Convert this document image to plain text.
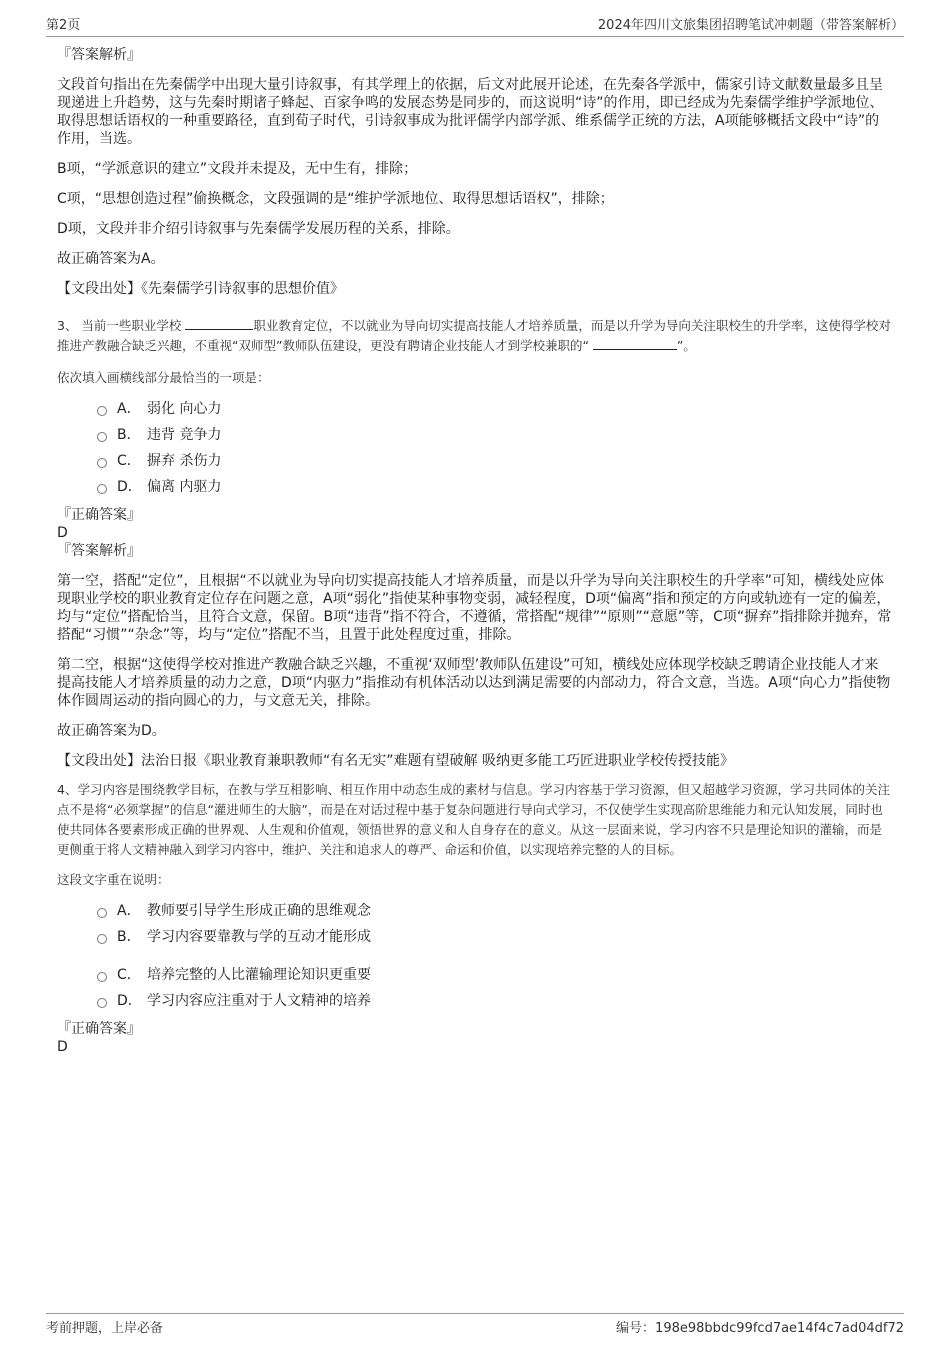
第2页	2024年四川文旅集团招聘笔试冲刺题（带答案解析）
『答案解析』

文段首句指出在先秦儒学中出现大量引诗叙事，有其学理上的依据，后文对此展开论述，在先秦各学派中，儒家引诗文献数量最多且呈现递进上升趋势，这与先秦时期诸子蜂起、百家争鸣的发展态势是同步的，而这说明“诗”的作用，即已经成为先秦儒学维护学派地位、取得思想话语权的一种重要路径，直到荀子时代，引诗叙事成为批评儒学内部学派、维系儒学正统的方法，A项能够概括文段中“诗”的作用，当选。

B项，“学派意识的建立”文段并未提及，无中生有，排除；

C项，“思想创造过程”偷换概念，文段强调的是“维护学派地位、取得思想话语权”，排除；

D项，文段并非介绍引诗叙事与先秦儒学发展历程的关系，排除。

故正确答案为A。

【文段出处】《先秦儒学引诗叙事的思想价值》

3、 当前一些职业学校	职业教育定位，不以就业为导向切实提高技能人才培养质量，而是以升学为导向关注职校生的升学率，这使得学校对推进产教融合缺乏兴趣，不重视“双师型”教师队伍建设，更没有聘请企业技能人才到学校兼职的“	”。
依次填入画横线部分最恰当的一项是：
A． 弱化 向心力
B． 违背 竞争力
C． 摒弃 杀伤力
D． 偏离 内驱力
『正确答案』
D
『答案解析』

第一空，搭配“定位”，且根据“不以就业为导向切实提高技能人才培养质量，而是以升学为导向关注职校生的升学率”可知，横线处应体现职业学校的职业教育定位存在问题之意，A项“弱化”指使某种事物变弱，减轻程度，D项“偏离”指和预定的方向或轨迹有一定的偏差，均与“定位”搭配恰当，且符合文意，保留。B项“违背”指不符合，不遵循，常搭配“规律”“原则”“意愿”等，C项“摒弃”指排除并抛弃，常搭配“习惯”“杂念”等，均与“定位”搭配不当，且置于此处程度过重，排除。

第二空，根据“这使得学校对推进产教融合缺乏兴趣，不重视‘双师型’教师队伍建设”可知，横线处应体现学校缺乏聘请企业技能人才来提高技能人才培养质量的动力之意，D项“内驱力”指推动有机体活动以达到满足需要的内部动力，符合文意，当选。A项“向心力”指使物体作圆周运动的指向圆心的力，与文意无关，排除。

故正确答案为D。

【文段出处】法治日报《职业教育兼职教师“有名无实”难题有望破解 吸纳更多能工巧匠进职业学校传授技能》

4、学习内容是围绕教学目标，在教与学互相影响、相互作用中动态生成的素材与信息。学习内容基于学习资源，但又超越学习资源，学习共同体的关注点不是将“必须掌握”的信息“灌进师生的大脑”，而是在对话过程中基于复杂问题进行导向式学习，不仅使学生实现高阶思维能力和元认知发展，同时也使共同体各要素形成正确的世界观、人生观和价值观，领悟世界的意义和人自身存在的意义。从这一层面来说，学习内容不只是理论知识的灌输，而是更侧重于将人文精神融入到学习内容中，维护、关注和追求人的尊严、命运和价值，以实现培养完整的人的目标。
这段文字重在说明：
A． 教师要引导学生形成正确的思维观念
B． 学习内容要靠教与学的互动才能形成
C． 培养完整的人比灌输理论知识更重要
D． 学习内容应注重对于人文精神的培养
『正确答案』
D
考前押题，上岸必备	编号：198e98bbdc99fcd7ae14f4c7ad04df72
